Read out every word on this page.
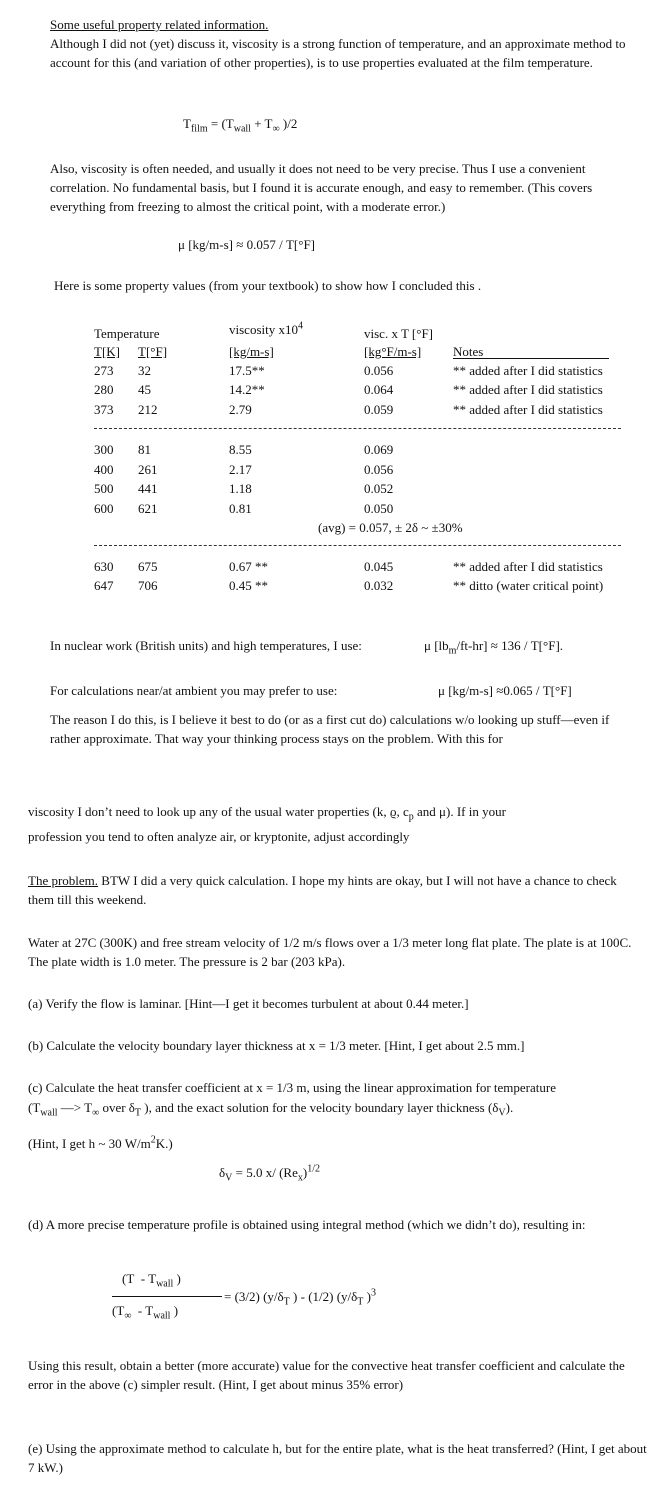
Some useful property related information.
Although I did not (yet) discuss it, viscosity is a strong function of temperature, and an approximate method to account for this (and variation of other properties), is to use properties evaluated at the film temperature.
$T_{film} = (T_{wall} + T_\infty$ )/2
Also, viscosity is often needed, and usually it does not need to be very precise. Thus I use a convenient correlation. No fundamental basis, but I found it is accurate enough, and easy to remember. (This covers everything from freezing to almost the critical point, with a moderate error.)
μ [kg/m-s] ≈ 0.057 / T[°F]
Here is some property values (from your textbook) to show how I concluded this .
Temperature	viscosity $x10^4$	visc. x T [°F]
T[K] T[°F]	[kg/m-s]	[kg°F/m-s] Notes
273 32	17.5**	0.056	** added after I did statistics
280 45	14.2**	0.064	** added after I did statistics
373 212	2.79	0.059	** added after I did statistics
300 81	8.55	0.069
400 261	2.17	0.056
500 441	1.18	0.052
600 621	0.81	0.050
(avg) = 0.057, ± 2δ ~ ±30%
630 675	0.67 **	0.045	** added after I did statistics
647 706	0.45 **	0.032	** ditto (water critical point)
In nuclear work (British units) and high temperatures, I use:	μ $[lb_m/ft-hr] \approx 136 / T[^\circ F]$.
For calculations near/at ambient you may prefer to use:	μ [kg/m-s] ≈0.065 / T[°F]
The reason I do this, is I believe it best to do (or as a first cut do) calculations w/o looking up stuff—even if rather approximate. That way your thinking process stays on the problem. With this for
viscosity I don’t need to look up any of the usual water properties (k, ϱ, $c_p$ and μ). If in your
profession you tend to often analyze air, or kryptonite, adjust accordingly
The problem. BTW I did a very quick calculation. I hope my hints are okay, but I will not have a chance to check them till this weekend.
Water at 27C (300K) and free stream velocity of 1/2 m/s flows over a 1/3 meter long flat plate. The plate is at 100C. The plate width is 1.0 meter. The pressure is 2 bar (203 kPa).
(a) Verify the flow is laminar. [Hint—I get it becomes turbulent at about 0.44 meter.]
(b) Calculate the velocity boundary layer thickness at x = 1/3 meter. [Hint, I get about 2.5 mm.]
(c) Calculate the heat transfer coefficient at x = 1/3 m, using the linear approximation for temperature
($T_{wall}$ —> $T_\infty$ over $\delta_T$ ), and the exact solution for the velocity boundary layer thickness $(\delta_V)$.
(Hint, I get h ~ 30 $W/m^2K$.)
$\delta_V = 5.0$ x/ $(Re_x)^{1/2}$
(d) A more precise temperature profile is obtained using integral method (which we didn’t do), resulting in:
($T - T_{wall}$ )
($T_\infty - T_{wall}$ )
= (3/2) ($y/\delta_T$ ) - (1/2) ($y/\delta_T$ )$^3$
Using this result, obtain a better (more accurate) value for the convective heat transfer coefficient and calculate the error in the above (c) simpler result. (Hint, I get about minus 35% error)
(e) Using the approximate method to calculate h, but for the entire plate, what is the heat transferred? (Hint, I get about 7 kW.)
